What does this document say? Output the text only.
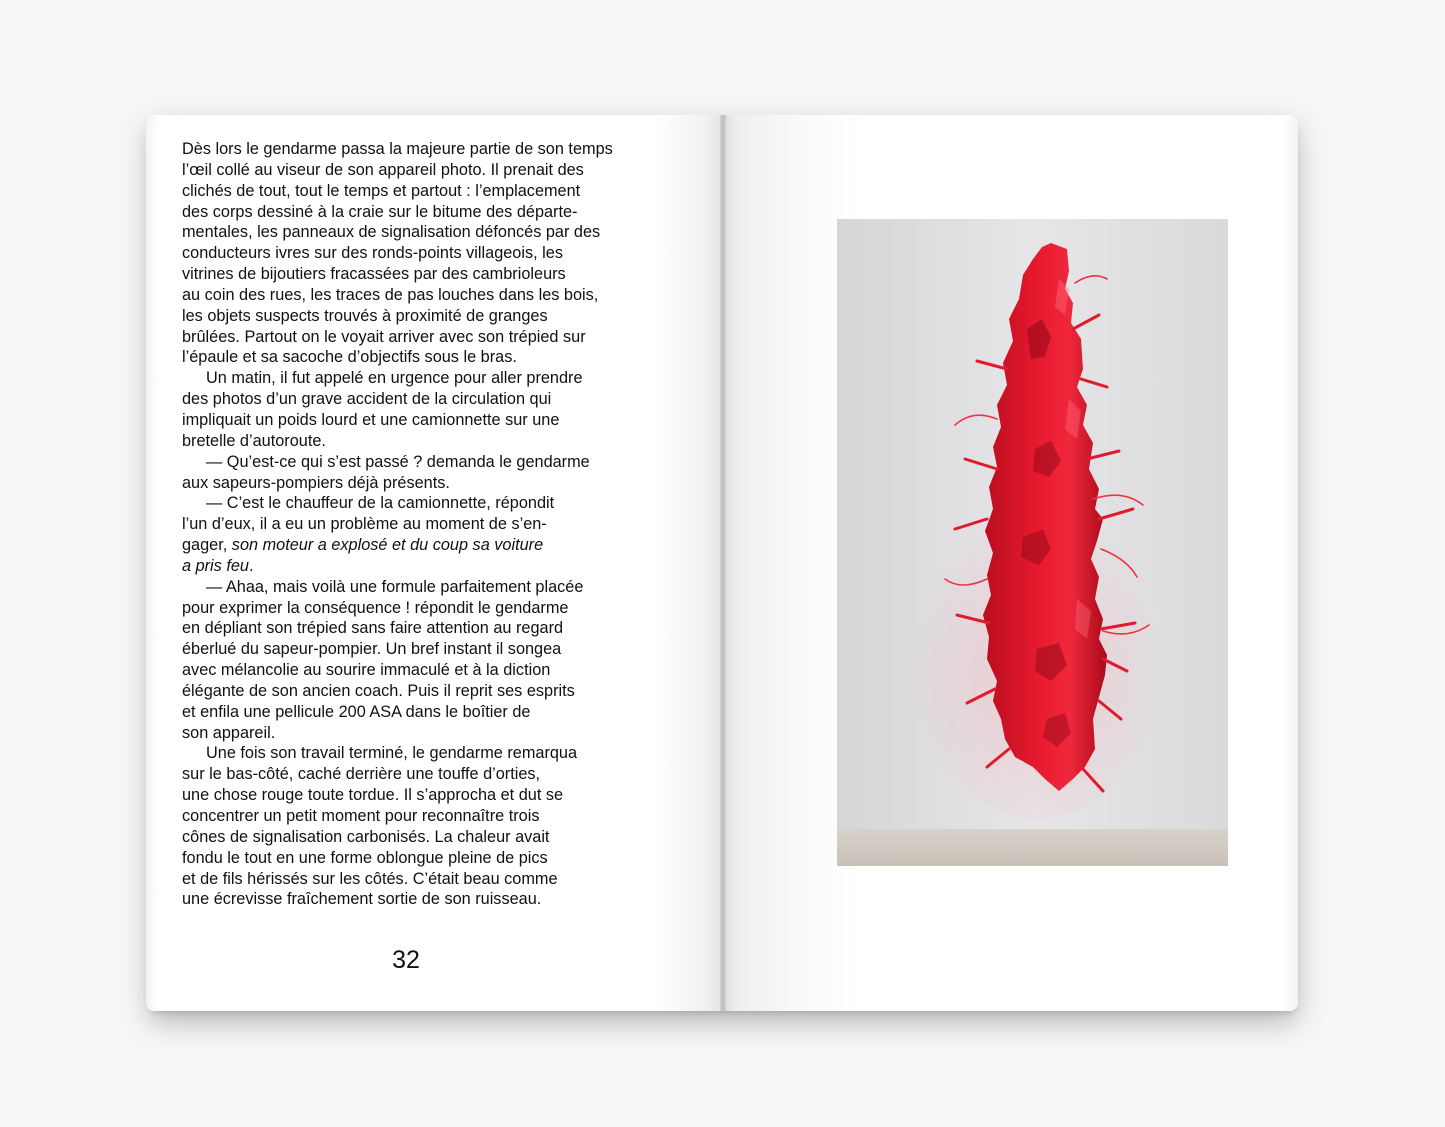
Dès lors le gendarme passa la majeure partie de son temps
l’œil collé au viseur de son appareil photo. Il prenait des
clichés de tout, tout le temps et partout : l’emplacement
des corps dessiné à la craie sur le bitume des départe-
mentales, les panneaux de signalisation défoncés par des
conducteurs ivres sur des ronds-points villageois, les
vitrines de bijoutiers fracassées par des cambrioleurs
au coin des rues, les traces de pas louches dans les bois,
les objets suspects trouvés à proximité de granges
brûlées. Partout on le voyait arriver avec son trépied sur
l’épaule et sa sacoche d’objectifs sous le bras.
Un matin, il fut appelé en urgence pour aller prendre
des photos d’un grave accident de la circulation qui
impliquait un poids lourd et une camionnette sur une
bretelle d’autoroute.
— Qu’est-ce qui s’est passé ? demanda le gendarme
aux sapeurs-pompiers déjà présents.
— C’est le chauffeur de la camionnette, répondit
l’un d’eux, il a eu un problème au moment de s’en-
gager, son moteur a explosé et du coup sa voiture
a pris feu.
— Ahaa, mais voilà une formule parfaitement placée
pour exprimer la conséquence ! répondit le gendarme
en dépliant son trépied sans faire attention au regard
éberlué du sapeur-pompier. Un bref instant il songea
avec mélancolie au sourire immaculé et à la diction
élégante de son ancien coach. Puis il reprit ses esprits
et enfila une pellicule 200 ASA dans le boîtier de
son appareil.
Une fois son travail terminé, le gendarme remarqua
sur le bas-côté, caché derrière une touffe d’orties,
une chose rouge toute tordue. Il s’approcha et dut se
concentrer un petit moment pour reconnaître trois
cônes de signalisation carbonisés. La chaleur avait
fondu le tout en une forme oblongue pleine de pics
et de fils hérissés sur les côtés. C’était beau comme
une écrevisse fraîchement sortie de son ruisseau.
32
